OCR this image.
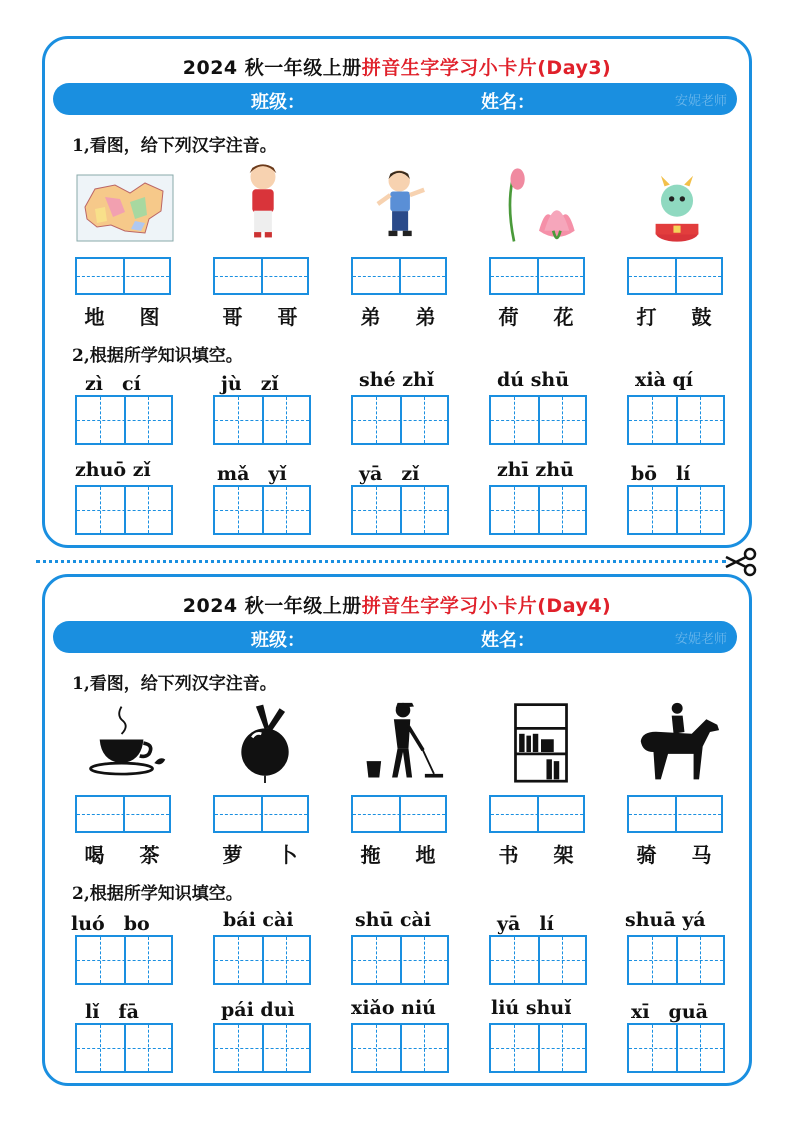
2024 秋一年级上册拼音生字学习小卡片(Day3)
班级：	姓名：	安妮老师
1,看图，给下列汉字注音。
地 图 哥 哥 弟 弟 荷 花 打 鼓
2,根据所学知识填空。
zì　cí	jù　zǐ	shé zhǐ	dú shū	xià qí
zhuō zǐ	mǎ　yǐ	yā　zǐ	zhī zhū	bō　lí
2024 秋一年级上册拼音生字学习小卡片(Day4)
班级：	姓名：	安妮老师
1,看图，给下列汉字注音。
喝 茶 萝 卜 拖 地 书 架 骑 马
2,根据所学知识填空。
luó　bo	bái cài	shū cài	yā　lí	shuā yá
lǐ　fā	pái duì	xiǎo niú	liú shuǐ	xī　guā
